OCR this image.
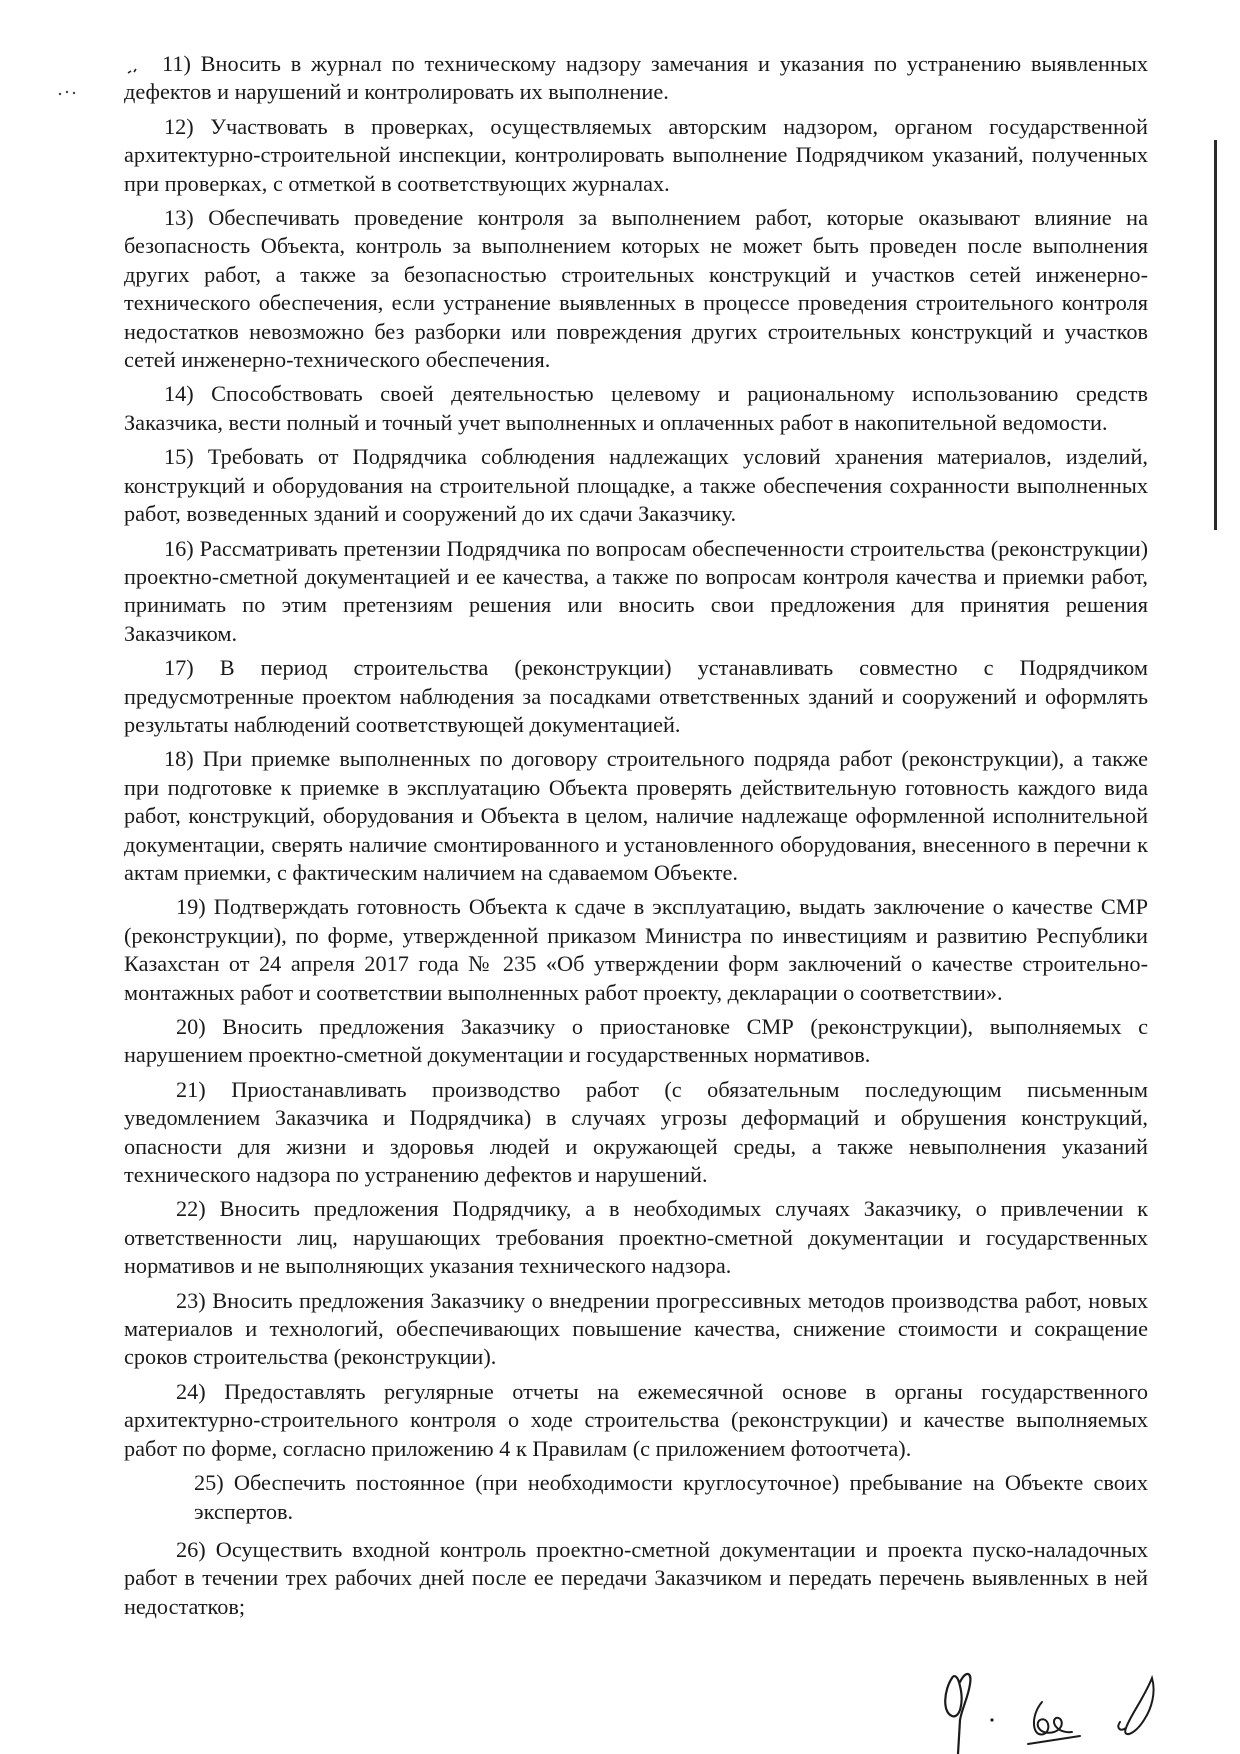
11) Вносить в журнал по техническому надзору замечания и указания по устранению выявленных дефектов и нарушений и контролировать их выполнение.

12) Участвовать в проверках, осуществляемых авторским надзором, органом государственной архитектурно-строительной инспекции, контролировать выполнение Подрядчиком указаний, полученных при проверках, с отметкой в соответствующих журналах.

13) Обеспечивать проведение контроля за выполнением работ, которые оказывают влияние на безопасность Объекта, контроль за выполнением которых не может быть проведен после выполнения других работ, а также за безопасностью строительных конструкций и участков сетей инженерно-технического обеспечения, если устранение выявленных в процессе проведения строительного контроля недостатков невозможно без разборки или повреждения других строительных конструкций и участков сетей инженерно-технического обеспечения.

14) Способствовать своей деятельностью целевому и рациональному использованию средств Заказчика, вести полный и точный учет выполненных и оплаченных работ в накопительной ведомости.

15) Требовать от Подрядчика соблюдения надлежащих условий хранения материалов, изделий, конструкций и оборудования на строительной площадке, а также обеспечения сохранности выполненных работ, возведенных зданий и сооружений до их сдачи Заказчику.

16) Рассматривать претензии Подрядчика по вопросам обеспеченности строительства (реконструкции) проектно-сметной документацией и ее качества, а также по вопросам контроля качества и приемки работ, принимать по этим претензиям решения или вносить свои предложения для принятия решения Заказчиком.

17) В период строительства (реконструкции) устанавливать совместно с Подрядчиком предусмотренные проектом наблюдения за посадками ответственных зданий и сооружений и оформлять результаты наблюдений соответствующей документацией.

18) При приемке выполненных по договору строительного подряда работ (реконструкции), а также при подготовке к приемке в эксплуатацию Объекта проверять действительную готовность каждого вида работ, конструкций, оборудования и Объекта в целом, наличие надлежаще оформленной исполнительной документации, сверять наличие смонтированного и установленного оборудования, внесенного в перечни к актам приемки, с фактическим наличием на сдаваемом Объекте.

19) Подтверждать готовность Объекта к сдаче в эксплуатацию, выдать заключение о качестве СМР (реконструкции), по форме, утвержденной приказом Министра по инвестициям и развитию Республики Казахстан от 24 апреля 2017 года № 235 «Об утверждении форм заключений о качестве строительно-монтажных работ и соответствии выполненных работ проекту, декларации о соответствии».

20) Вносить предложения Заказчику о приостановке СМР (реконструкции), выполняемых с нарушением проектно-сметной документации и государственных нормативов.

21) Приостанавливать производство работ (с обязательным последующим письменным уведомлением Заказчика и Подрядчика) в случаях угрозы деформаций и обрушения конструкций, опасности для жизни и здоровья людей и окружающей среды, а также невыполнения указаний технического надзора по устранению дефектов и нарушений.

22) Вносить предложения Подрядчику, а в необходимых случаях Заказчику, о привлечении к ответственности лиц, нарушающих требования проектно-сметной документации и государственных нормативов и не выполняющих указания технического надзора.

23) Вносить предложения Заказчику о внедрении прогрессивных методов производства работ, новых материалов и технологий, обеспечивающих повышение качества, снижение стоимости и сокращение сроков строительства (реконструкции).

24) Предоставлять регулярные отчеты на ежемесячной основе в органы государственного архитектурно-строительного контроля о ходе строительства (реконструкции) и качестве выполняемых работ по форме, согласно приложению 4 к Правилам (с приложением фотоотчета).

25) Обеспечить постоянное (при необходимости круглосуточное) пребывание на Объекте своих экспертов.

26) Осуществить входной контроль проектно-сметной документации и проекта пуско-наладочных работ в течении трех рабочих дней после ее передачи Заказчиком и передать перечень выявленных в ней недостатков;
